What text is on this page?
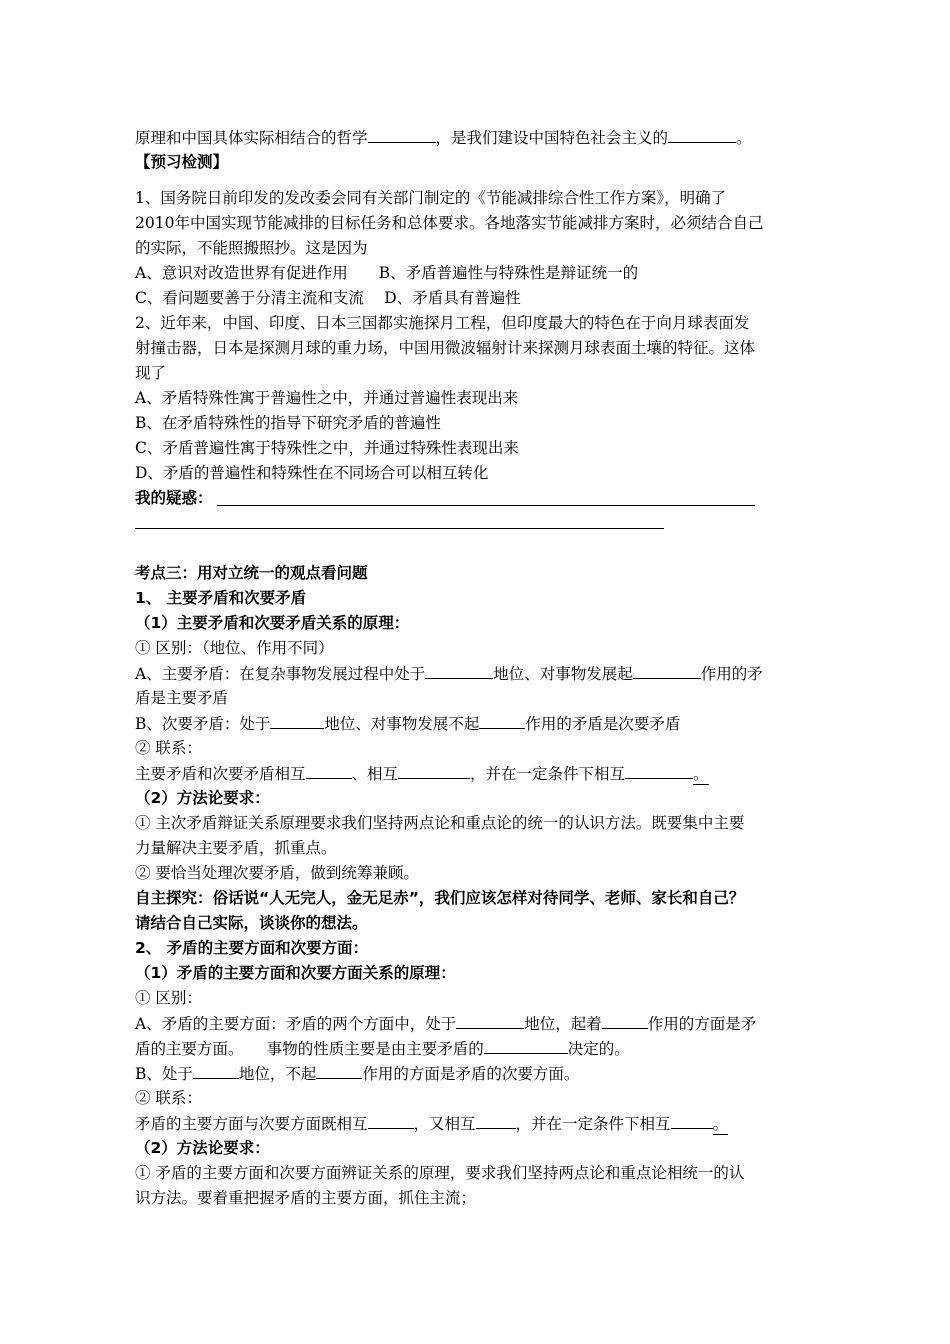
原理和中国具体实际相结合的哲学	，是我们建设中国特色社会主义的	。
【预习检测】
1、国务院日前印发的发改委会同有关部门制定的《节能减排综合性工作方案》，明确了
2010年中国实现节能减排的目标任务和总体要求。各地落实节能减排方案时，必须结合自己
的实际，不能照搬照抄。这是因为
A、意识对改造世界有促进作用　　B、矛盾普遍性与特殊性是辩证统一的
C、看问题要善于分清主流和支流　 D、矛盾具有普遍性
2、近年来，中国、印度、日本三国都实施探月工程，但印度最大的特色在于向月球表面发
射撞击器，日本是探测月球的重力场，中国用微波辐射计来探测月球表面土壤的特征。这体
现了
A、矛盾特殊性寓于普遍性之中，并通过普遍性表现出来
B、在矛盾特殊性的指导下研究矛盾的普遍性
C、矛盾普遍性寓于特殊性之中，并通过特殊性表现出来
D、矛盾的普遍性和特殊性在不同场合可以相互转化
我的疑惑：
考点三：用对立统一的观点看问题
1、 主要矛盾和次要矛盾
（1）主要矛盾和次要矛盾关系的原理：
① 区别：（地位、作用不同）
A、主要矛盾：在复杂事物发展过程中处于	地位、对事物发展起	作用的矛
盾是主要矛盾
B、次要矛盾：处于	地位、对事物发展不起	作用的矛盾是次要矛盾
② 联系：
主要矛盾和次要矛盾相互	、相互	，并在一定条件下相互	。
（2）方法论要求：
① 主次矛盾辩证关系原理要求我们坚持两点论和重点论的统一的认识方法。既要集中主要
力量解决主要矛盾，抓重点。
② 要恰当处理次要矛盾，做到统筹兼顾。
自主探究：俗话说“人无完人，金无足赤”，我们应该怎样对待同学、老师、家长和自己？
请结合自己实际，谈谈你的想法。
2、 矛盾的主要方面和次要方面：
（1）矛盾的主要方面和次要方面关系的原理：
① 区别：
A、矛盾的主要方面：矛盾的两个方面中，处于	地位，起着	作用的方面是矛
盾的主要方面。　　事物的性质主要是由主要矛盾的	决定的。
B、处于	地位，不起	作用的方面是矛盾的次要方面。
② 联系：
矛盾的主要方面与次要方面既相互	，又相互	，并在一定条件下相互	。
（2）方法论要求：
① 矛盾的主要方面和次要方面辨证关系的原理，要求我们坚持两点论和重点论相统一的认
识方法。要着重把握矛盾的主要方面，抓住主流；
